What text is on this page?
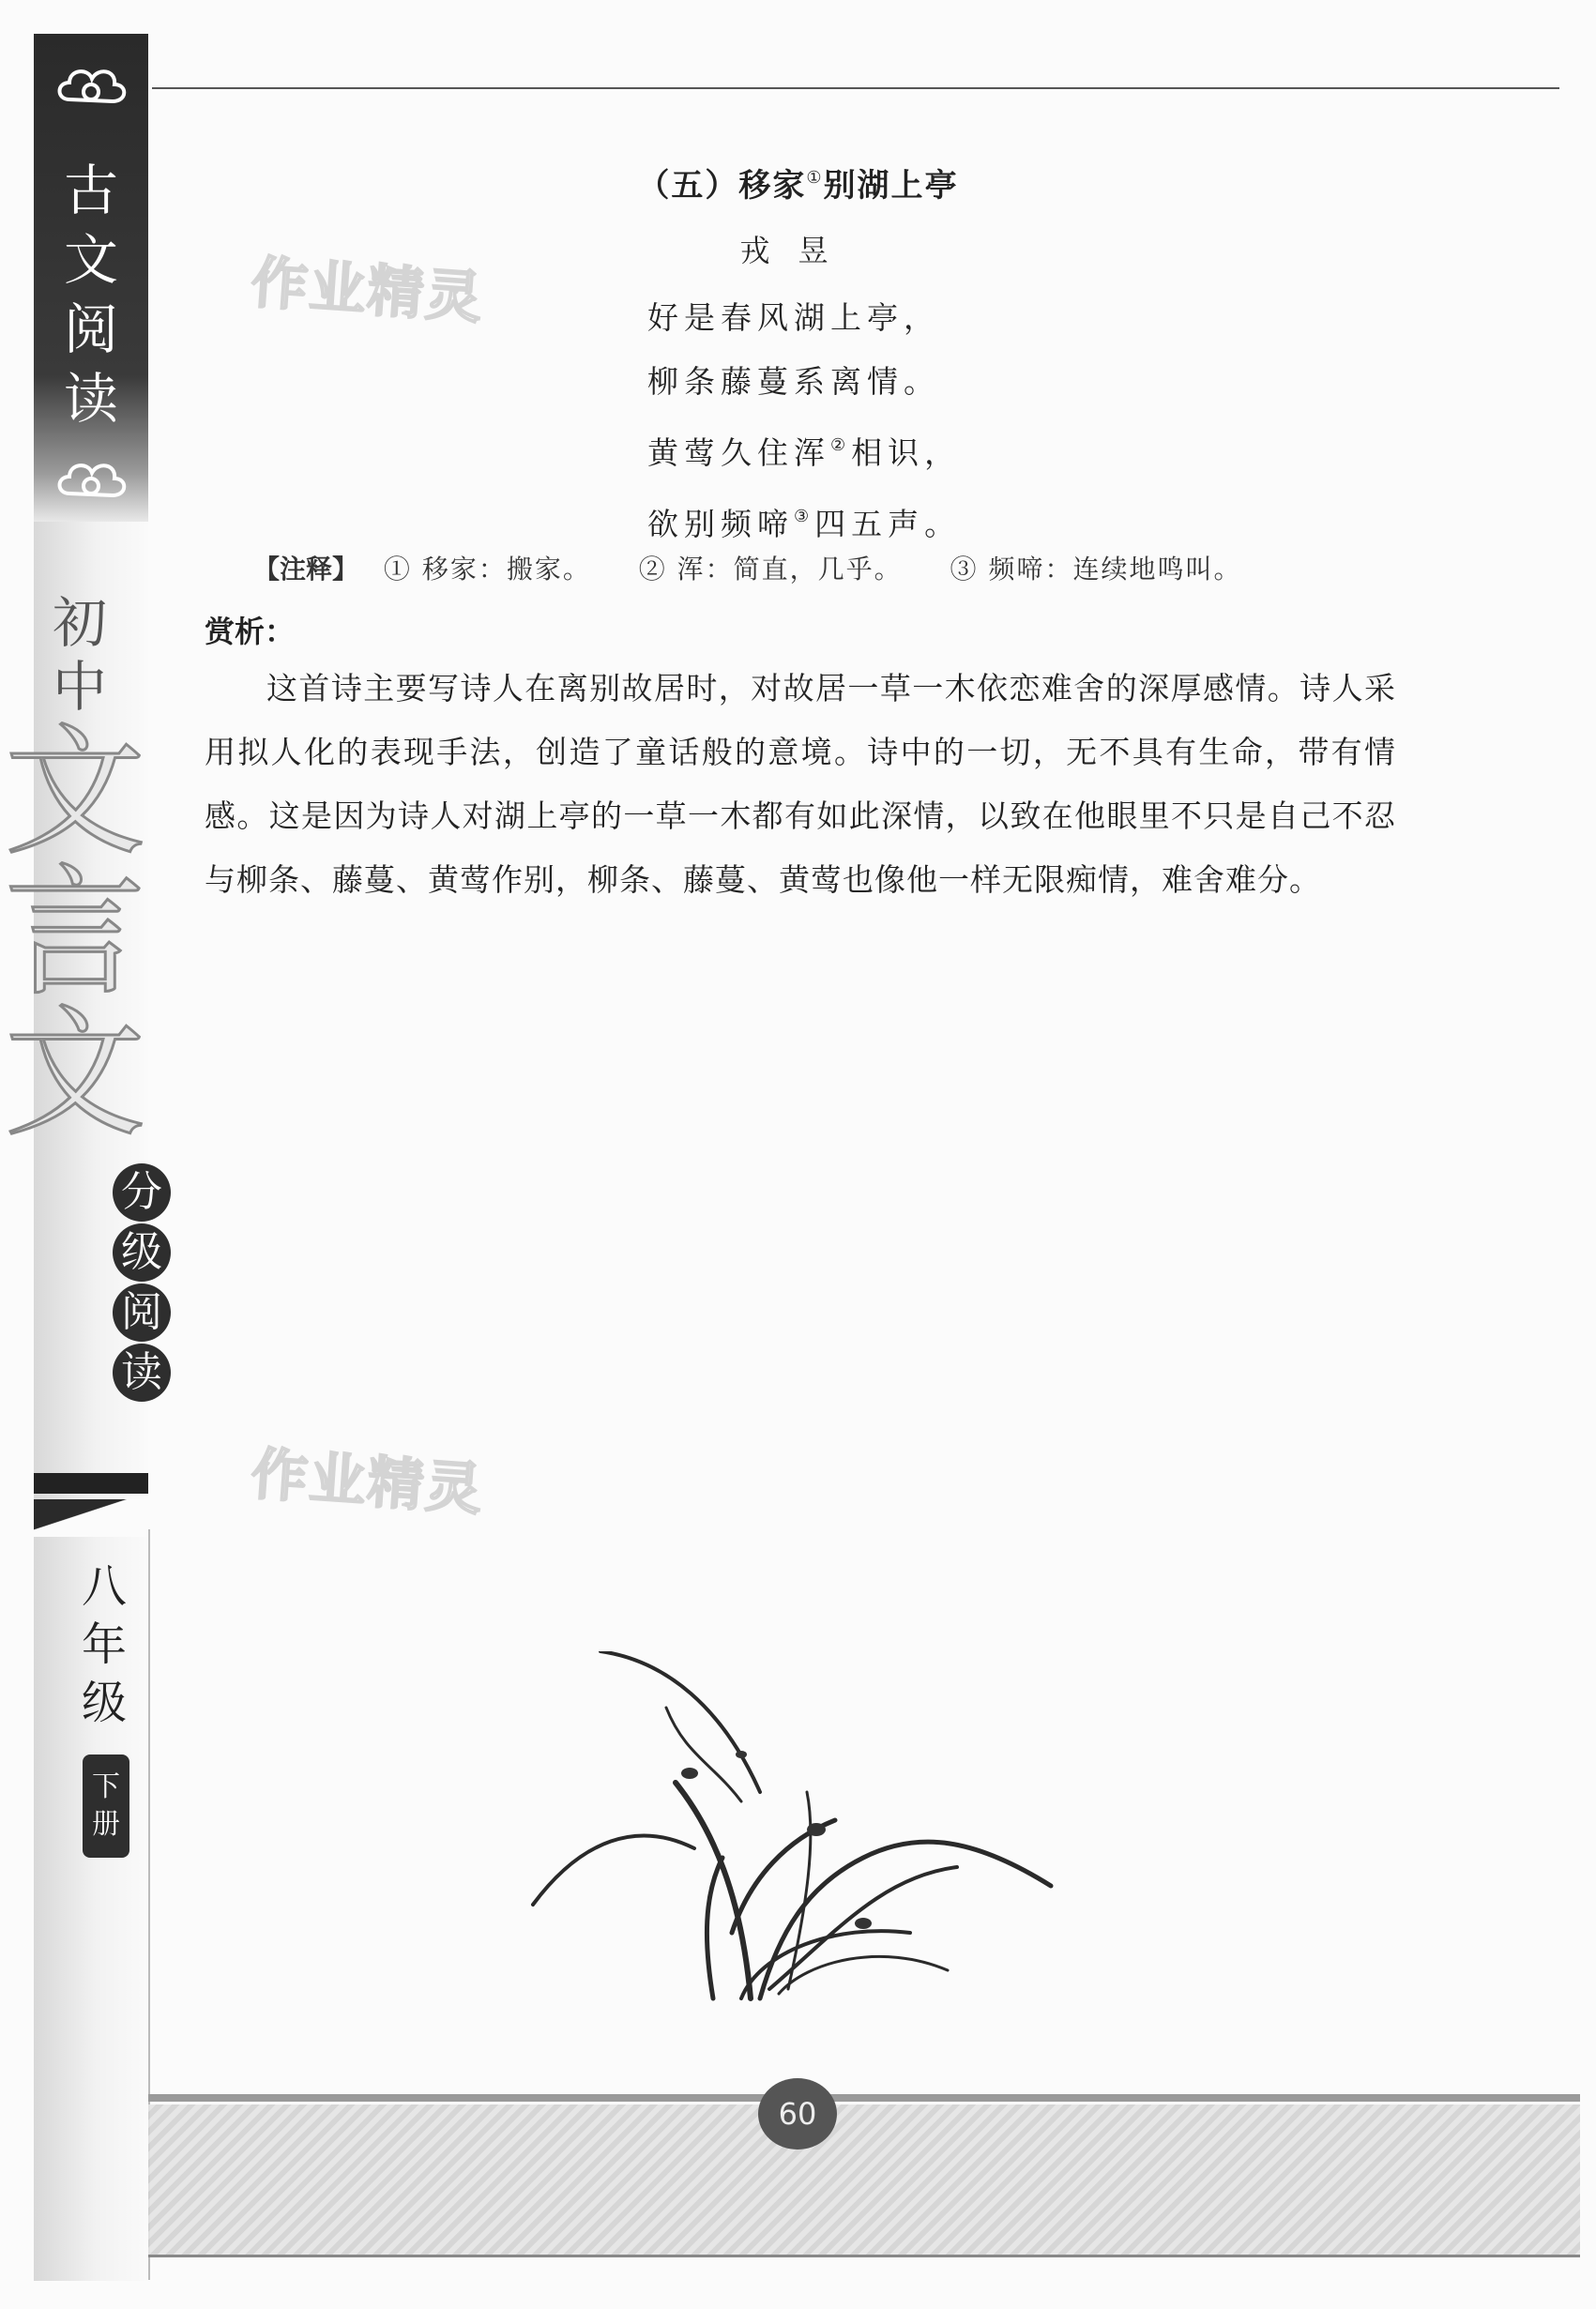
古
文
阅
读
初
中
文
言
文
分
级
阅
读
八
年
级
下
册
作业精灵
作业精灵
（五）移家①别湖上亭
戎昱
好是春风湖上亭，
柳条藤蔓系离情。
黄莺久住浑②相识，
欲别频啼③四五声。
【注释】 ① 移家：搬家。 ② 浑：简直，几乎。 ③ 频啼：连续地鸣叫。
赏析：
这首诗主要写诗人在离别故居时，对故居一草一木依恋难舍的深厚感情。诗人采用拟人化的表现手法，创造了童话般的意境。诗中的一切，无不具有生命，带有情感。这是因为诗人对湖上亭的一草一木都有如此深情，以致在他眼里不只是自己不忍与柳条、藤蔓、黄莺作别，柳条、藤蔓、黄莺也像他一样无限痴情，难舍难分。
60
